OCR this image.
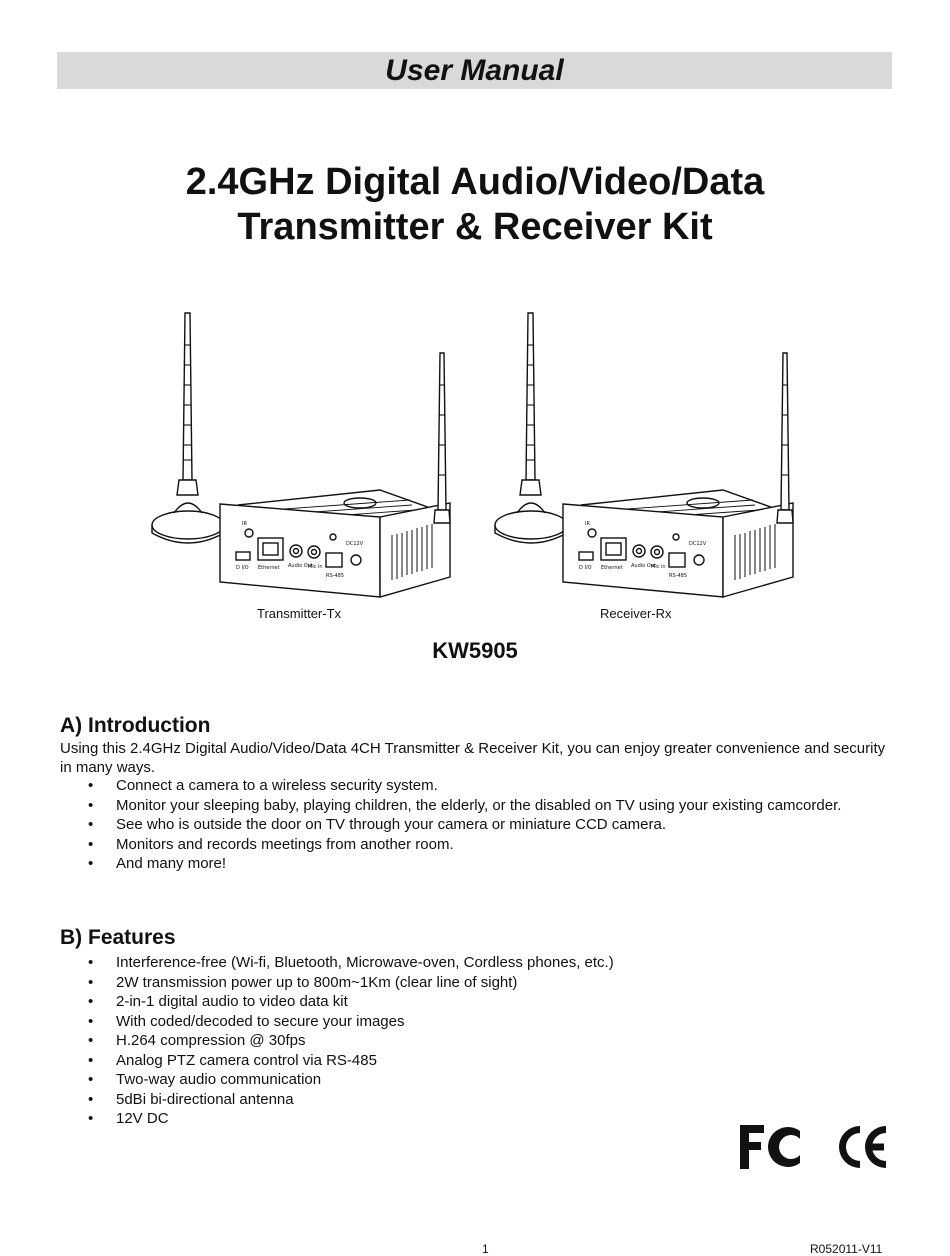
User Manual
2.4GHz Digital Audio/Video/Data
Transmitter & Receiver Kit
IR
D I/O Ethernet Audio Out
Mic in
RS-485
DC12V
IR
D I/O Ethernet Audio Out
Mic in
RS-485
DC12V
Transmitter-Tx	Receiver-Rx
KW5905
A) Introduction
Using this 2.4GHz Digital Audio/Video/Data 4CH Transmitter & Receiver Kit, you can enjoy greater convenience and security in many ways.
• Connect a camera to a wireless security system.
• Monitor your sleeping baby, playing children, the elderly, or the disabled on TV using your existing camcorder.
• See who is outside the door on TV through your camera or miniature CCD camera.
• Monitors and records meetings from another room.
• And many more!
B) Features
• Interference-free (Wi-fi, Bluetooth, Microwave-oven, Cordless phones, etc.)
• 2W transmission power up to 800m~1Km (clear line of sight)
• 2-in-1 digital audio to video data kit
• With coded/decoded to secure your images
• H.264 compression @ 30fps
• Analog PTZ camera control via RS-485
• Two-way audio communication
• 5dBi bi-directional antenna
• 12V DC
1	R052011-V11
